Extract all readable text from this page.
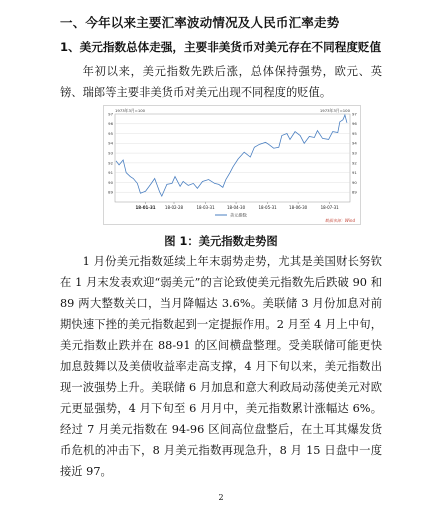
一、今年以来主要汇率波动情况及人民币汇率走势
1、美元指数总体走强，主要非美货币对美元存在不同程度贬值

年初以来，美元指数先跌后涨，总体保持强势，欧元、英镑、瑞郎等主要非美货币对美元出现不同程度的贬值。

1973年3月=100	1973年3月=100
89
90
91
92
93
94
95
96
97
89
90
91
92
93
94
95
96
97
18-01-31 18-02-28	18-03-31	18-04-30	18-05-31	18-06-30	18-07-31
美元指数
数据来源：Wind
图 1：美元指数走势图

1 月份美元指数延续上年末弱势走势，尤其是美国财长努钦在 1 月末发表欢迎“弱美元”的言论致使美元指数先后跌破 90 和 89 两大整数关口，当月降幅达 3.6%。美联储 3 月份加息对前期快速下挫的美元指数起到一定提振作用。2 月至 4 月上中旬，美元指数止跌并在 88-91 的区间横盘整理。受美联储可能更快加息鼓舞以及美债收益率走高支撑，4 月下旬以来，美元指数出现一波强势上升。美联储 6 月加息和意大利政局动荡使美元对欧元更显强势，4 月下旬至 6 月月中，美元指数累计涨幅达 6%。经过 7 月美元指数在 94-96 区间高位盘整后，在土耳其爆发货币危机的冲击下，8 月美元指数再现急升，8 月 15 日盘中一度接近 97。

2
